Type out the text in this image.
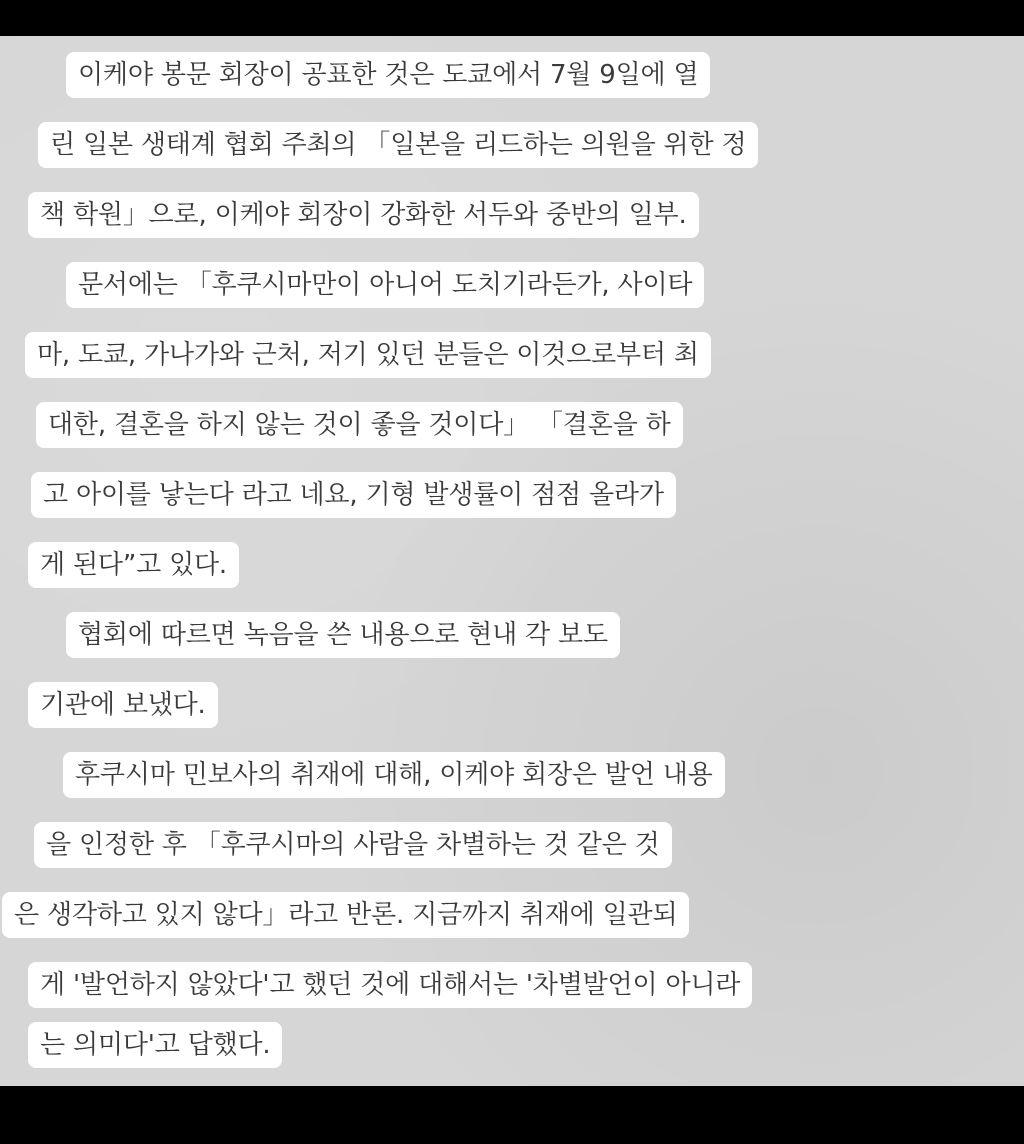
이케야 봉문 회장이 공표한 것은 도쿄에서 7월 9일에 열
린 일본 생태계 협회 주최의 「일본을 리드하는 의원을 위한 정
책 학원」으로, 이케야 회장이 강화한 서두와 중반의 일부.
문서에는 「후쿠시마만이 아니어 도치기라든가, 사이타
마, 도쿄, 가나가와 근처, 저기 있던 분들은 이것으로부터 최
대한, 결혼을 하지 않는 것이 좋을 것이다」 「결혼을 하
고 아이를 낳는다 라고 네요, 기형 발생률이 점점 올라가
게 된다”고 있다.
협회에 따르면 녹음을 쓴 내용으로 현내 각 보도
기관에 보냈다.
후쿠시마 민보사의 취재에 대해, 이케야 회장은 발언 내용
을 인정한 후 「후쿠시마의 사람을 차별하는 것 같은 것
은 생각하고 있지 않다」라고 반론. 지금까지 취재에 일관되
게 '발언하지 않았다'고 했던 것에 대해서는 '차별발언이 아니라
는 의미다'고 답했다.
